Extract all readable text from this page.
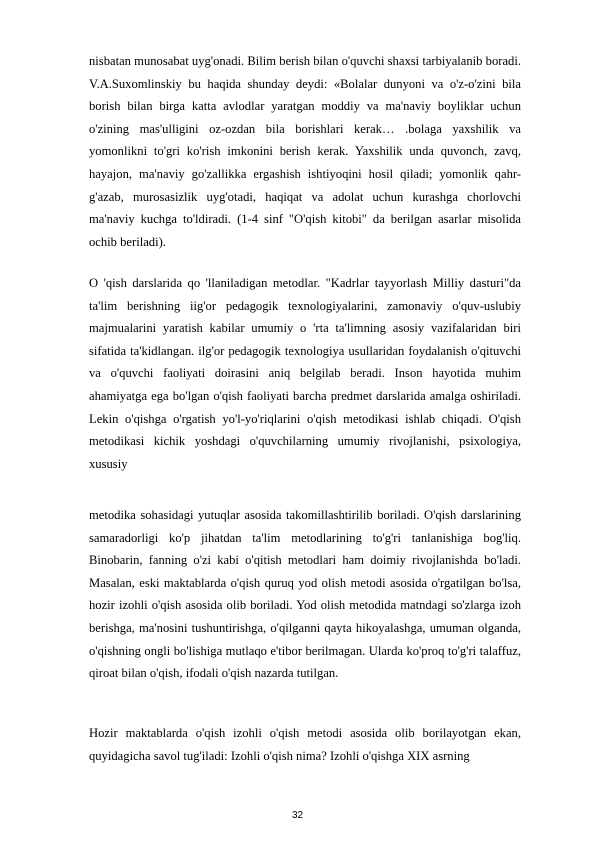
nisbatan munosabat uyg'onadi. Bilim berish bilan o'quvchi shaxsi tarbiyalanib boradi. V.A.Suxomlinskiy bu haqida shunday deydi: «Bolalar dunyoni va o'z-o'zini bila borish bilan birga katta avlodlar yaratgan moddiy va ma'naviy boyliklar uchun o'zining mas'ulligini oz-ozdan bila borishlari kerak… .bolaga yaxshilik va yomonlikni to'gri ko'rish imkonini berish kerak. Yaxshilik unda quvonch, zavq, hayajon, ma'naviy go'zallikka ergashish ishtiyoqini hosil qiladi; yomonlik qahr-g'azab, murosasizlik uyg'otadi, haqiqat va adolat uchun kurashga chorlovchi ma'naviy kuchga to'ldiradi. (1-4 sinf "O'qish kitobi" da berilgan asarlar misolida ochib beriladi).

O 'qish darslarida qo 'llaniladigan metodlar. "Kadrlar tayyorlash Milliy dasturi"da ta'lim berishning iig'or pedagogik texnologiyalarini, zamonaviy o'quv-uslubiy majmualarini yaratish kabilar umumiy o 'rta ta'limning asosiy vazifalaridan biri sifatida ta'kidlangan. ilg'or pedagogik texnologiya usullaridan foydalanish o'qituvchi va o'quvchi faoliyati doirasini aniq belgilab beradi. Inson hayotida muhim ahamiyatga ega bo'lgan o'qish faoliyati barcha predmet darslarida amalga oshiriladi. Lekin o'qishga o'rgatish yo'l-yo'riqlarini o'qish metodikasi ishlab chiqadi. O'qish metodikasi kichik yoshdagi o'quvchilarning umumiy rivojlanishi, psixologiya, xususiy

metodika sohasidagi yutuqlar asosida takomillashtirilib boriladi. O'qish darslarining samaradorligi ko'p jihatdan ta'lim metodlarining to'g'ri tanlanishiga bog'liq. Binobarin, fanning o'zi kabi o'qitish metodlari ham doimiy rivojlanishda bo'ladi. Masalan, eski maktablarda o'qish quruq yod olish metodi asosida o'rgatilgan bo'lsa, hozir izohli o'qish asosida olib boriladi. Yod olish metodida matndagi so'zlarga izoh berishga, ma'nosini tushuntirishga, o'qilganni qayta hikoyalashga, umuman olganda, o'qishning ongli bo'lishiga mutlaqo e'tibor berilmagan. Ularda ko'proq to'g'ri talaffuz, qiroat bilan o'qish, ifodali o'qish nazarda tutilgan.

Hozir maktablarda o'qish izohli o'qish metodi asosida olib borilayotgan ekan, quyidagicha savol tug'iladi: Izohli o'qish nima? Izohli o'qishga XIX asrning

32
